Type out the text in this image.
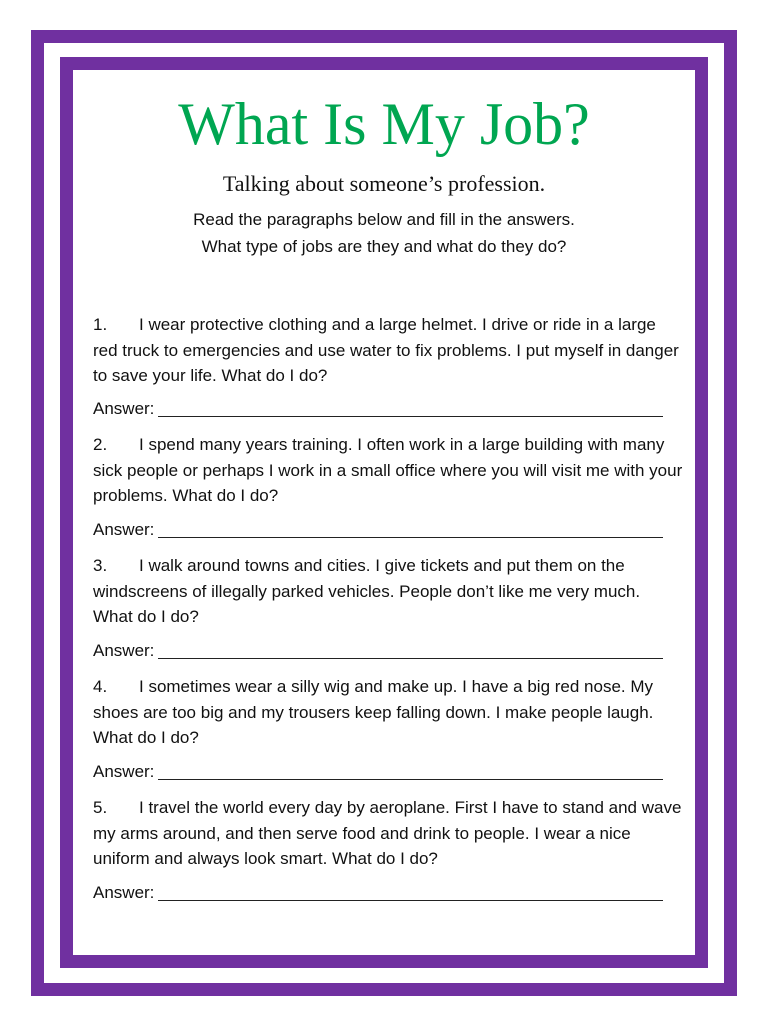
What Is My Job?
Talking about someone’s profession.
Read the paragraphs below and fill in the answers.
What type of jobs are they and what do they do?
1. I wear protective clothing and a large helmet. I drive or ride in a large red truck to emergencies and use water to fix problems. I put myself in danger to save your life. What do I do?
Answer:
2. I spend many years training. I often work in a large building with many sick people or perhaps I work in a small office where you will visit me with your problems. What do I do?
Answer:
3. I walk around towns and cities. I give tickets and put them on the windscreens of illegally parked vehicles. People don’t like me very much. What do I do?
Answer:
4. I sometimes wear a silly wig and make up. I have a big red nose. My shoes are too big and my trousers keep falling down. I make people laugh. What do I do?
Answer:
5. I travel the world every day by aeroplane. First I have to stand and wave my arms around, and then serve food and drink to people. I wear a nice uniform and always look smart. What do I do?
Answer:
